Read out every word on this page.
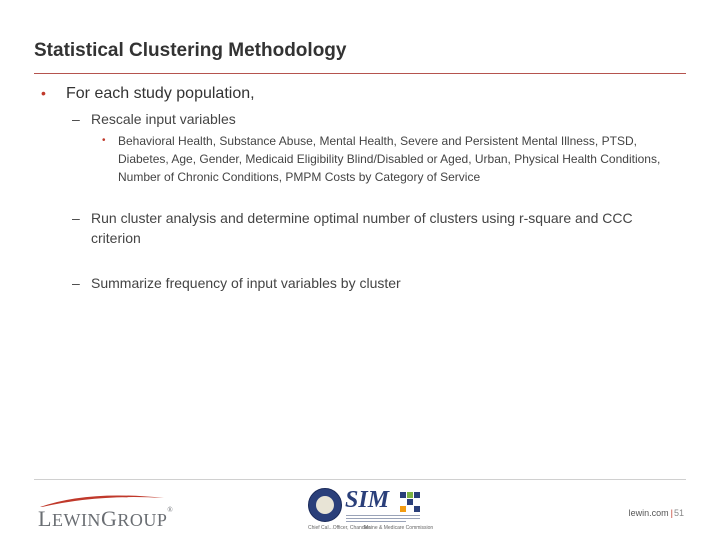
Statistical Clustering Methodology
• For each study population,
– Rescale input variables
• Behavioral Health, Substance Abuse, Mental Health, Severe and Persistent Mental Illness, PTSD, Diabetes, Age, Gender, Medicaid Eligibility Blind/Disabled or Aged, Urban, Physical Health Conditions, Number of Chronic Conditions, PMPM Costs by Category of Service
– Run cluster analysis and determine optimal number of clusters using r-square and CCC criterion
– Summarize frequency of input variables by cluster
LEWINGROUP®	SIM
Chief Cal...Officer, Chandler
Maine & Medicare Commission
lewin.com |51
